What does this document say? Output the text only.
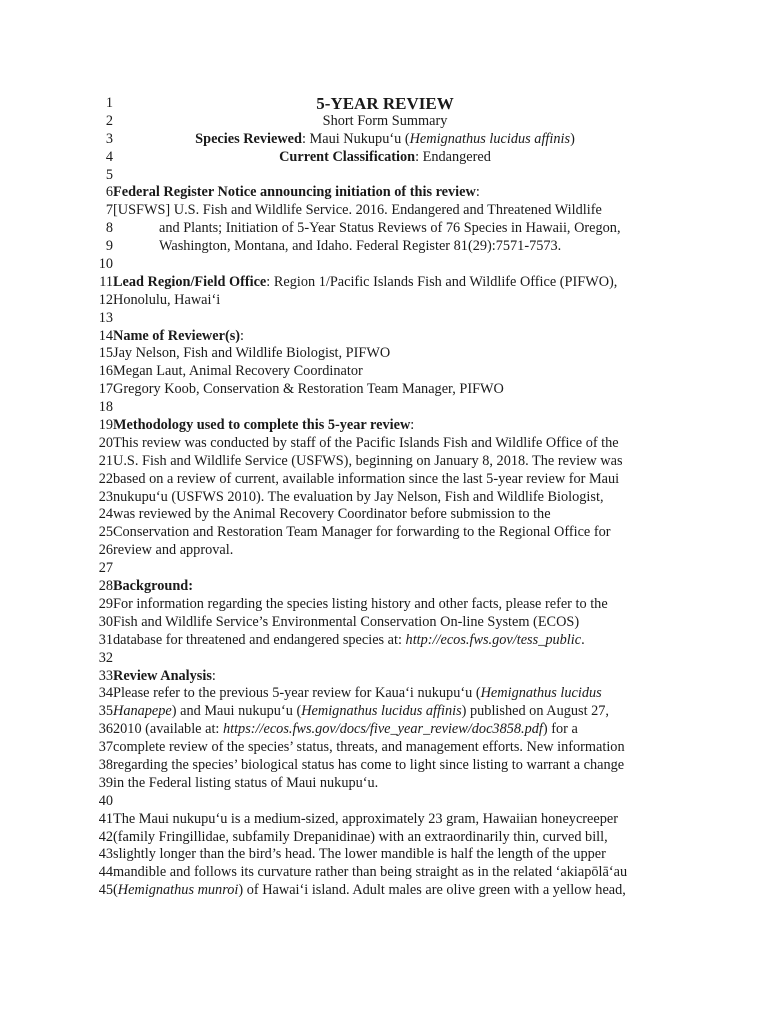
1	5-YEAR REVIEW
2	Short Form Summary
3	Species Reviewed: Maui Nukupuʻu (Hemignathus lucidus affinis)
4	Current Classification: Endangered
5
6 Federal Register Notice announcing initiation of this review:
7 [USFWS] U.S. Fish and Wildlife Service. 2016. Endangered and Threatened Wildlife
8	and Plants; Initiation of 5-Year Status Reviews of 76 Species in Hawaii, Oregon,
9	Washington, Montana, and Idaho. Federal Register 81(29):7571-7573.
10
11 Lead Region/Field Office: Region 1/Pacific Islands Fish and Wildlife Office (PIFWO),
12 Honolulu, Hawaiʻi
13
14 Name of Reviewer(s):
15 Jay Nelson, Fish and Wildlife Biologist, PIFWO
16 Megan Laut, Animal Recovery Coordinator
17 Gregory Koob, Conservation & Restoration Team Manager, PIFWO
18
19 Methodology used to complete this 5-year review:
20 This review was conducted by staff of the Pacific Islands Fish and Wildlife Office of the
21 U.S. Fish and Wildlife Service (USFWS), beginning on January 8, 2018. The review was
22 based on a review of current, available information since the last 5-year review for Maui
23 nukupuʻu (USFWS 2010). The evaluation by Jay Nelson, Fish and Wildlife Biologist,
24 was reviewed by the Animal Recovery Coordinator before submission to the
25 Conservation and Restoration Team Manager for forwarding to the Regional Office for
26 review and approval.
27
28 Background:
29 For information regarding the species listing history and other facts, please refer to the
30 Fish and Wildlife Service’s Environmental Conservation On-line System (ECOS)
31 database for threatened and endangered species at: http://ecos.fws.gov/tess_public.
32
33 Review Analysis:
34 Please refer to the previous 5-year review for Kauaʻi nukupuʻu (Hemignathus lucidus
35 Hanapepe) and Maui nukupuʻu (Hemignathus lucidus affinis) published on August 27,
36 2010 (available at: https://ecos.fws.gov/docs/five_year_review/doc3858.pdf) for a
37 complete review of the species’ status, threats, and management efforts. New information
38 regarding the species’ biological status has come to light since listing to warrant a change
39 in the Federal listing status of Maui nukupuʻu.
40
41 The Maui nukupuʻu is a medium-sized, approximately 23 gram, Hawaiian honeycreeper
42 (family Fringillidae, subfamily Drepanidinae) with an extraordinarily thin, curved bill,
43 slightly longer than the bird’s head. The lower mandible is half the length of the upper
44 mandible and follows its curvature rather than being straight as in the related ʻakiapōlāʻau
45 (Hemignathus munroi) of Hawaiʻi island. Adult males are olive green with a yellow head,
